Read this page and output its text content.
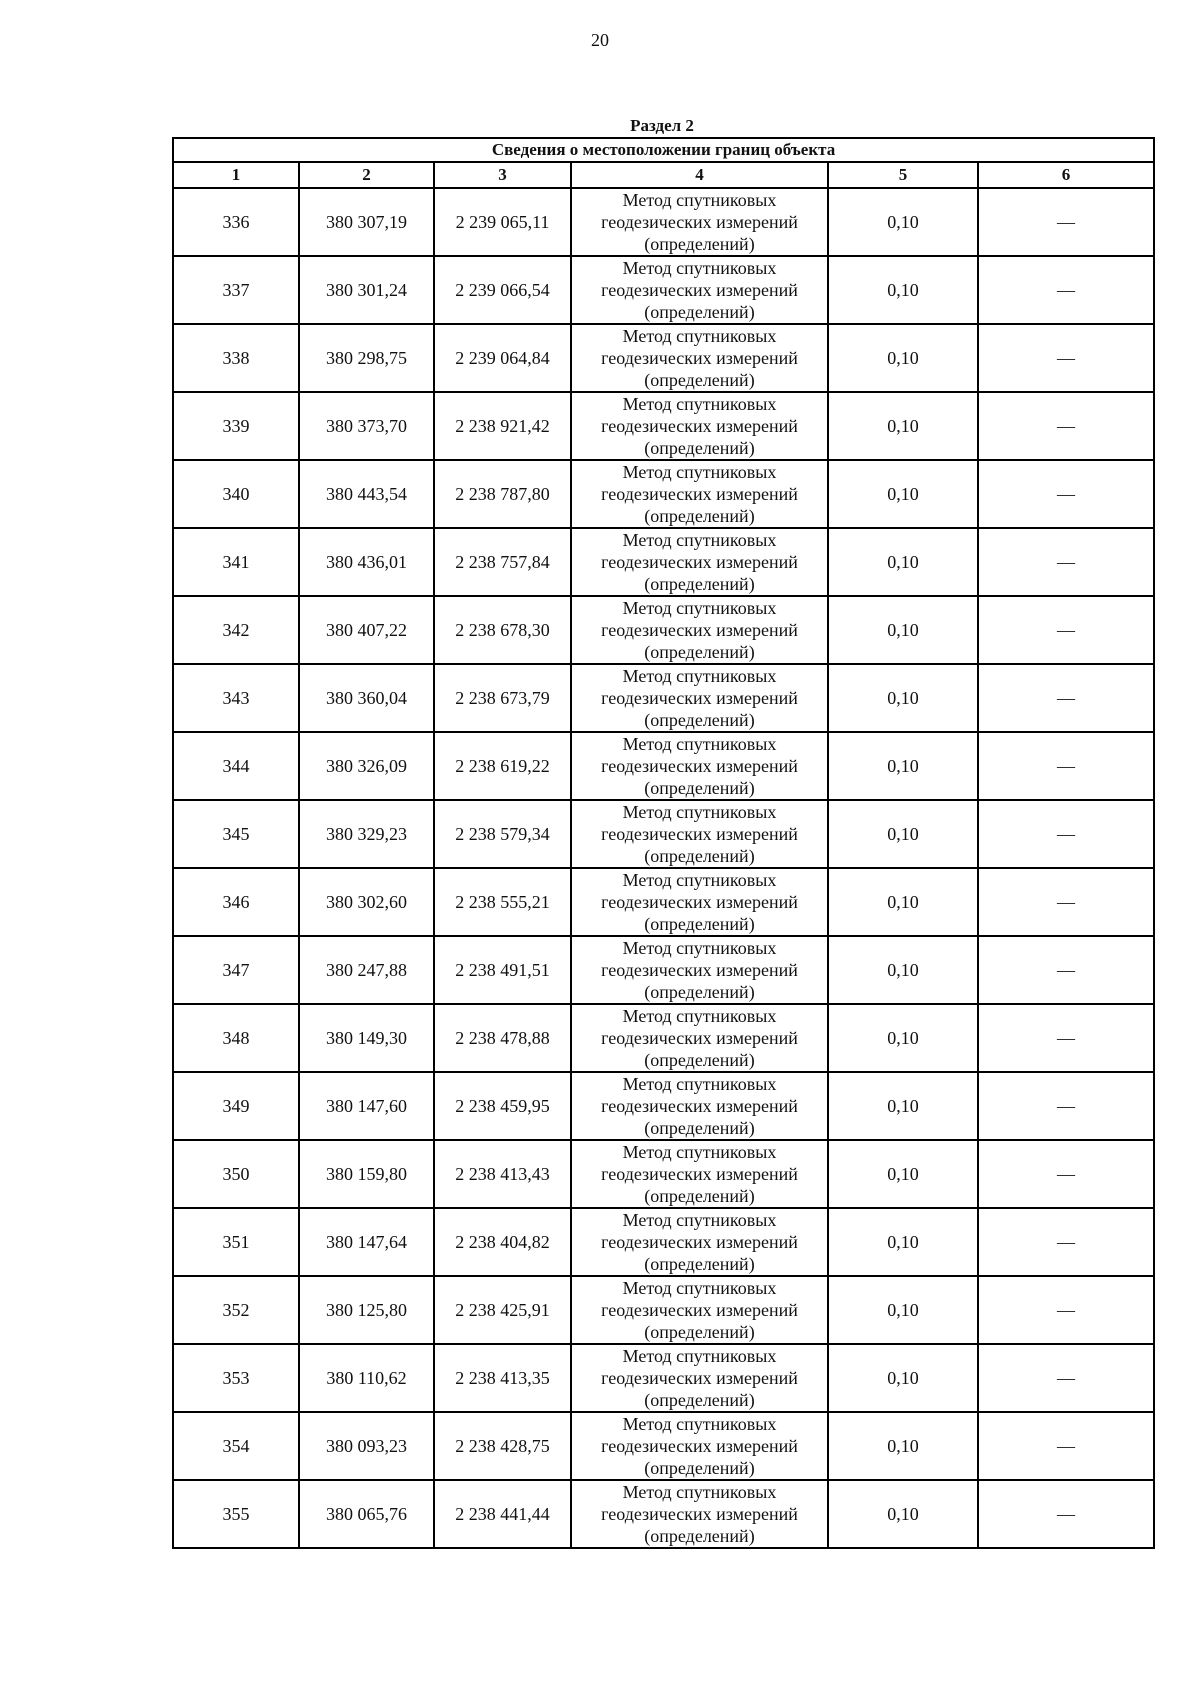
20
Раздел 2
Сведения о местоположении границ объекта					
1	2	3	4	5	6
336	380 307,19	2 239 065,11	Метод спутниковых
геодезических измерений
(определений)	0,10	—
337	380 301,24	2 239 066,54	Метод спутниковых
геодезических измерений
(определений)	0,10	—
338	380 298,75	2 239 064,84	Метод спутниковых
геодезических измерений
(определений)	0,10	—
339	380 373,70	2 238 921,42	Метод спутниковых
геодезических измерений
(определений)	0,10	—
340	380 443,54	2 238 787,80	Метод спутниковых
геодезических измерений
(определений)	0,10	—
341	380 436,01	2 238 757,84	Метод спутниковых
геодезических измерений
(определений)	0,10	—
342	380 407,22	2 238 678,30	Метод спутниковых
геодезических измерений
(определений)	0,10	—
343	380 360,04	2 238 673,79	Метод спутниковых
геодезических измерений
(определений)	0,10	—
344	380 326,09	2 238 619,22	Метод спутниковых
геодезических измерений
(определений)	0,10	—
345	380 329,23	2 238 579,34	Метод спутниковых
геодезических измерений
(определений)	0,10	—
346	380 302,60	2 238 555,21	Метод спутниковых
геодезических измерений
(определений)	0,10	—
347	380 247,88	2 238 491,51	Метод спутниковых
геодезических измерений
(определений)	0,10	—
348	380 149,30	2 238 478,88	Метод спутниковых
геодезических измерений
(определений)	0,10	—
349	380 147,60	2 238 459,95	Метод спутниковых
геодезических измерений
(определений)	0,10	—
350	380 159,80	2 238 413,43	Метод спутниковых
геодезических измерений
(определений)	0,10	—
351	380 147,64	2 238 404,82	Метод спутниковых
геодезических измерений
(определений)	0,10	—
352	380 125,80	2 238 425,91	Метод спутниковых
геодезических измерений
(определений)	0,10	—
353	380 110,62	2 238 413,35	Метод спутниковых
геодезических измерений
(определений)	0,10	—
354	380 093,23	2 238 428,75	Метод спутниковых
геодезических измерений
(определений)	0,10	—
355	380 065,76	2 238 441,44	Метод спутниковых
геодезических измерений
(определений)	0,10	—
